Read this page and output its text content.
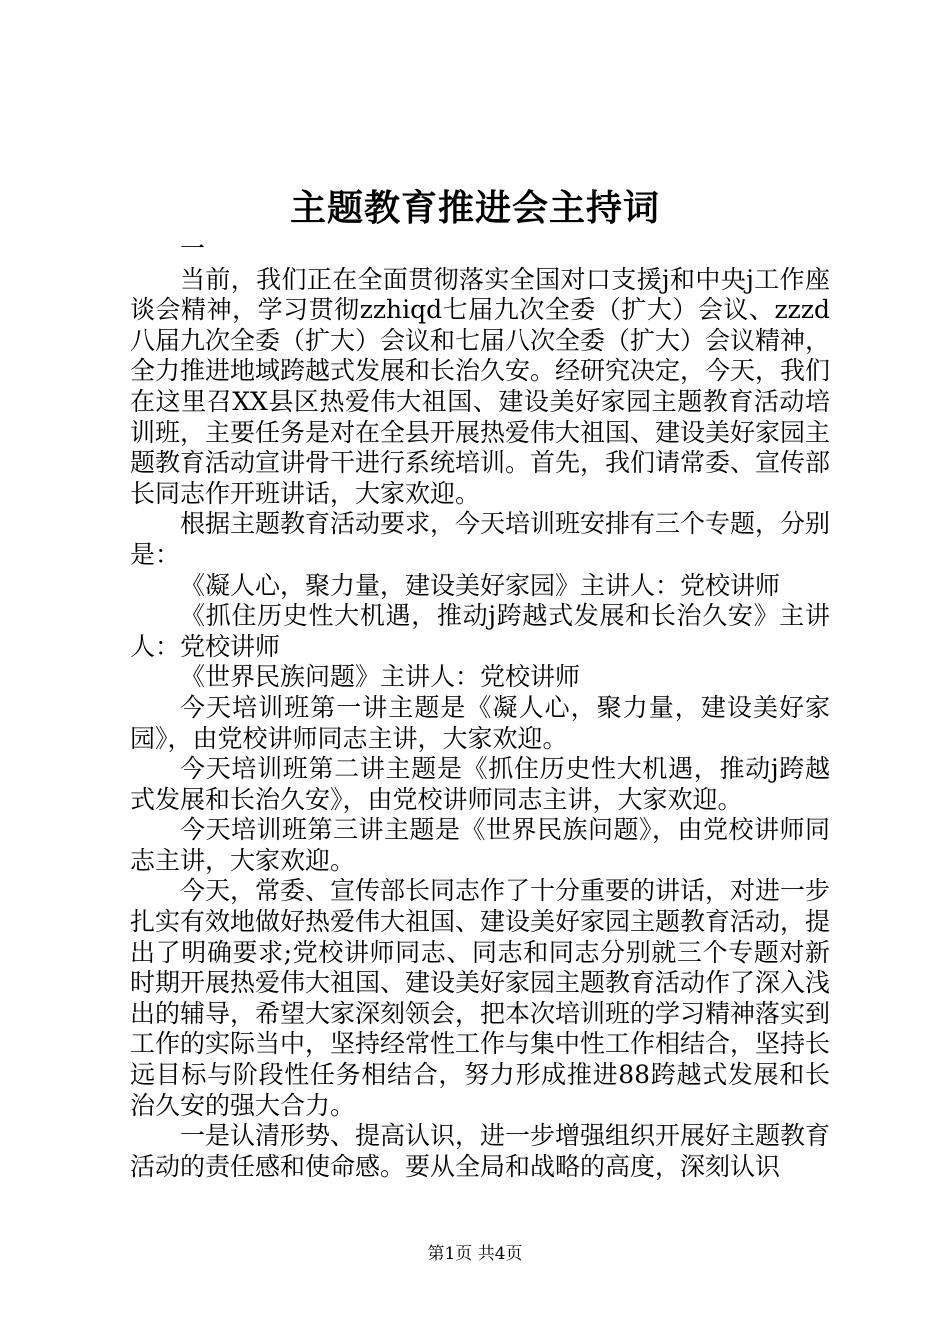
主题教育推进会主持词

一

当前，我们正在全面贯彻落实全国对口支援j和中央j工作座谈会精神，学习贯彻zzhiqd七届九次全委（扩大）会议、zzzd八届九次全委（扩大）会议和七届八次全委（扩大）会议精神，全力推进地域跨越式发展和长治久安。经研究决定，今天，我们在这里召XX县区热爱伟大祖国、建设美好家园主题教育活动培训班，主要任务是对在全县开展热爱伟大祖国、建设美好家园主题教育活动宣讲骨干进行系统培训。首先，我们请常委、宣传部长同志作开班讲话，大家欢迎。

根据主题教育活动要求，今天培训班安排有三个专题，分别是：

《凝人心，聚力量，建设美好家园》主讲人：党校讲师

《抓住历史性大机遇，推动j跨越式发展和长治久安》主讲人：党校讲师

《世界民族问题》主讲人：党校讲师

今天培训班第一讲主题是《凝人心，聚力量，建设美好家园》，由党校讲师同志主讲，大家欢迎。

今天培训班第二讲主题是《抓住历史性大机遇，推动j跨越式发展和长治久安》，由党校讲师同志主讲，大家欢迎。

今天培训班第三讲主题是《世界民族问题》，由党校讲师同志主讲，大家欢迎。

今天，常委、宣传部长同志作了十分重要的讲话，对进一步扎实有效地做好热爱伟大祖国、建设美好家园主题教育活动，提出了明确要求;党校讲师同志、同志和同志分别就三个专题对新时期开展热爱伟大祖国、建设美好家园主题教育活动作了深入浅出的辅导，希望大家深刻领会，把本次培训班的学习精神落实到工作的实际当中，坚持经常性工作与集中性工作相结合，坚持长远目标与阶段性任务相结合，努力形成推进88跨越式发展和长治久安的强大合力。

一是认清形势、提高认识，进一步增强组织开展好主题教育活动的责任感和使命感。要从全局和战略的高度，深刻认识

第1页 共4页
